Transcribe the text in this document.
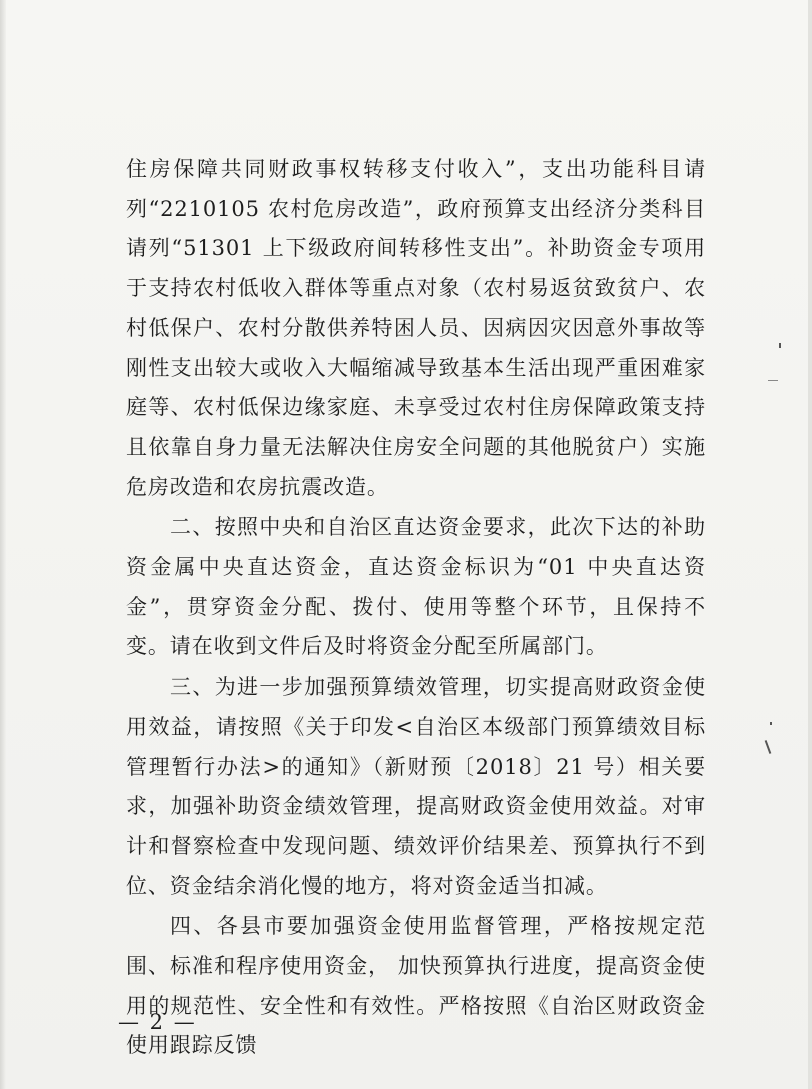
住房保障共同财政事权转移支付收入”，支出功能科目请列“2210105 农村危房改造”，政府预算支出经济分类科目请列“51301 上下级政府间转移性支出”。补助资金专项用于支持农村低收入群体等重点对象（农村易返贫致贫户、农村低保户、农村分散供养特困人员、因病因灾因意外事故等刚性支出较大或收入大幅缩减导致基本生活出现严重困难家庭等、农村低保边缘家庭、未享受过农村住房保障政策支持且依靠自身力量无法解决住房安全问题的其他脱贫户）实施危房改造和农房抗震改造。

二、按照中央和自治区直达资金要求，此次下达的补助资金属中央直达资金，直达资金标识为“01 中央直达资金”，贯穿资金分配、拨付、使用等整个环节，且保持不变。请在收到文件后及时将资金分配至所属部门。

三、为进一步加强预算绩效管理，切实提高财政资金使用效益，请按照《关于印发<自治区本级部门预算绩效目标管理暂行办法>的通知》（新财预〔2018〕21 号）相关要求，加强补助资金绩效管理，提高财政资金使用效益。对审计和督察检查中发现问题、绩效评价结果差、预算执行不到位、资金结余消化慢的地方，将对资金适当扣减。

四、各县市要加强资金使用监督管理，严格按规定范围、标准和程序使用资金， 加快预算执行进度，提高资金使用的规范性、安全性和有效性。严格按照《自治区财政资金使用跟踪反馈

— 2 —
